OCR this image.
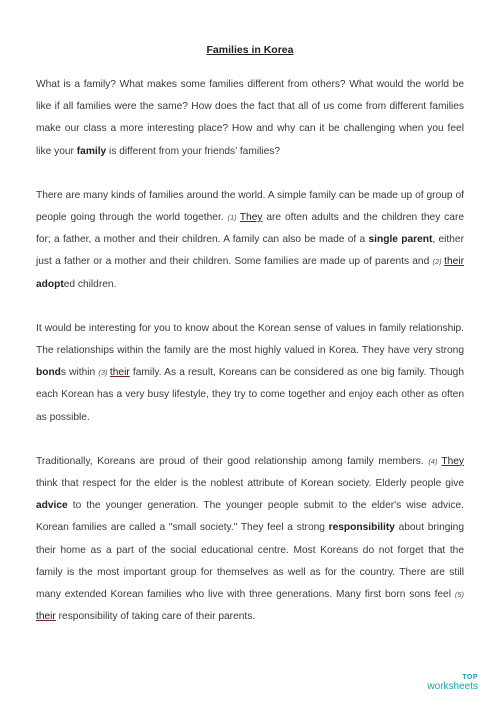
Families in Korea
What is a family? What makes some families different from others? What would the world be like if all families were the same? How does the fact that all of us come from different families make our class a more interesting place? How and why can it be challenging when you feel like your family is different from your friends’ families?
There are many kinds of families around the world. A simple family can be made up of group of people going through the world together. (1) They are often adults and the children they care for; a father, a mother and their children. A family can also be made of a single parent, either just a father or a mother and their children. Some families are made up of parents and (2) their adopted children.
It would be interesting for you to know about the Korean sense of values in family relationship. The relationships within the family are the most highly valued in Korea. They have very strong bonds within (3) their family. As a result, Koreans can be considered as one big family. Though each Korean has a very busy lifestyle, they try to come together and enjoy each other as often as possible.
Traditionally, Koreans are proud of their good relationship among family members. (4) They think that respect for the elder is the noblest attribute of Korean society. Elderly people give advice to the younger generation. The younger people submit to the elder's wise advice. Korean families are called a "small society." They feel a strong responsibility about bringing their home as a part of the social educational centre. Most Koreans do not forget that the family is the most important group for themselves as well as for the country. There are still many extended Korean families who live with three generations. Many first born sons feel (5) their responsibility of taking care of their parents.
TOP
worksheets
